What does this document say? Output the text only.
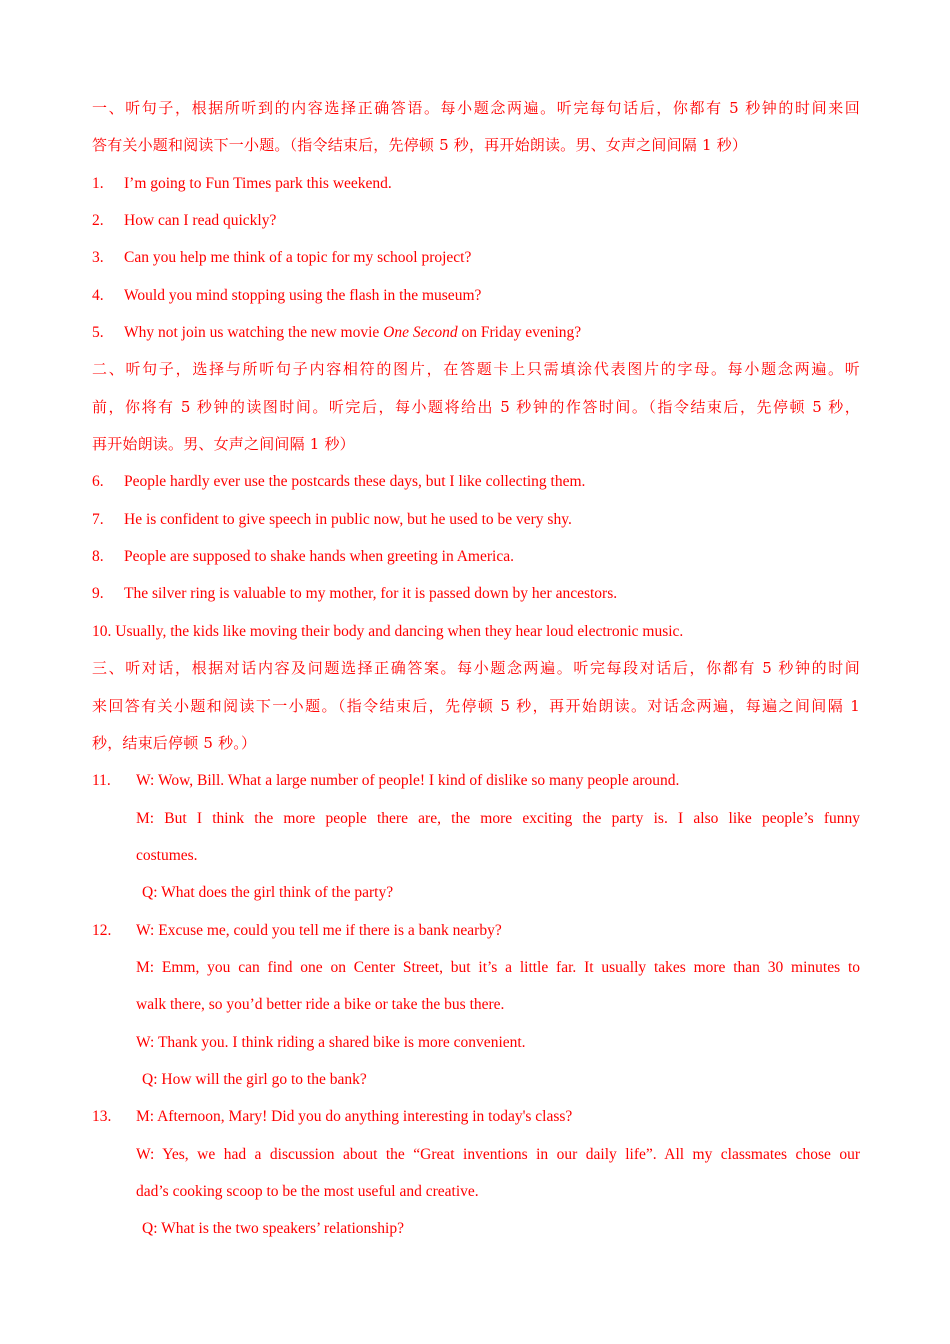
一、听句子，根据所听到的内容选择正确答语。每小题念两遍。听完每句话后，你都有 5 秒钟的时间来回
答有关小题和阅读下一小题。（指令结束后，先停顿 5 秒，再开始朗读。男、女声之间间隔 1 秒）
1. I’m going to Fun Times park this weekend.
2. How can I read quickly?
3. Can you help me think of a topic for my school project?
4. Would you mind stopping using the flash in the museum?
5. Why not join us watching the new movie One Second on Friday evening?
二、听句子，选择与所听句子内容相符的图片，在答题卡上只需填涂代表图片的字母。每小题念两遍。听
前，你将有 5 秒钟的读图时间。听完后，每小题将给出 5 秒钟的作答时间。（指令结束后，先停顿 5 秒，
再开始朗读。男、女声之间间隔 1 秒）
6. People hardly ever use the postcards these days, but I like collecting them.
7. He is confident to give speech in public now, but he used to be very shy.
8. People are supposed to shake hands when greeting in America.
9. The silver ring is valuable to my mother, for it is passed down by her ancestors.
10. Usually, the kids like moving their body and dancing when they hear loud electronic music.
三、听对话，根据对话内容及问题选择正确答案。每小题念两遍。听完每段对话后，你都有 5 秒钟的时间
来回答有关小题和阅读下一小题。（指令结束后，先停顿 5 秒，再开始朗读。对话念两遍，每遍之间间隔 1
秒，结束后停顿 5 秒。）
11. W: Wow, Bill. What a large number of people! I kind of dislike so many people around.
M: But I think the more people there are, the more exciting the party is. I also like people’s funny
costumes.
Q: What does the girl think of the party?
12. W: Excuse me, could you tell me if there is a bank nearby?
M: Emm, you can find one on Center Street, but it’s a little far. It usually takes more than 30 minutes to
walk there, so you’d better ride a bike or take the bus there.
W: Thank you. I think riding a shared bike is more convenient.
Q: How will the girl go to the bank?
13. M: Afternoon, Mary! Did you do anything interesting in today's class?
W: Yes, we had a discussion about the “Great inventions in our daily life”. All my classmates chose our
dad’s cooking scoop to be the most useful and creative.
Q: What is the two speakers’ relationship?
